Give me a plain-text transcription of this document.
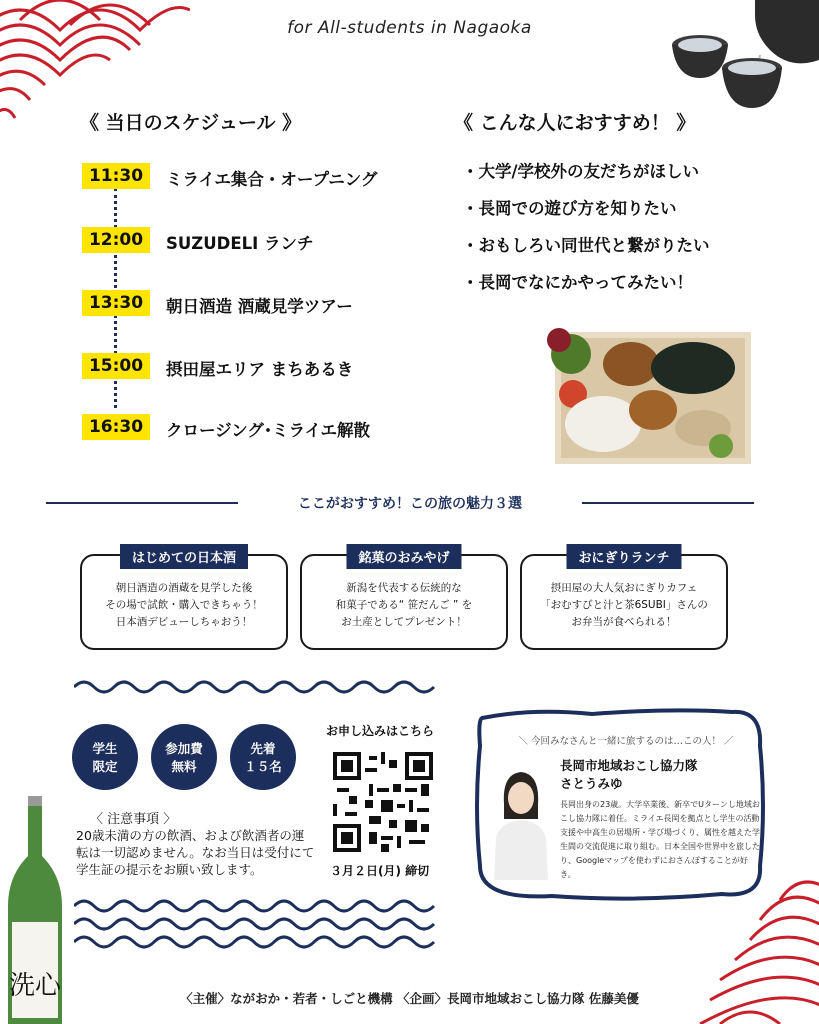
for All-students in Nagaoka
《 当日のスケジュール 》
11:30	ミライエ集合・オープニング
12:00	SUZUDELI ランチ
13:30	朝日酒造 酒蔵見学ツアー
15:00	摂田屋エリア まちあるき
16:30	クロージング･ミライエ解散
《 こんな人におすすめ！ 》
・大学/学校外の友だちがほしい
・長岡での遊び方を知りたい
・おもしろい同世代と繋がりたい
・長岡でなにかやってみたい！
ここがおすすめ！この旅の魅力３選
はじめての日本酒
朝日酒造の酒蔵を見学した後
その場で試飲・購入できちゃう！
日本酒デビューしちゃおう！
銘菓のおみやげ
新潟を代表する伝統的な
和菓子である“ 笹だんご ” を
お土産としてプレゼント！
おにぎりランチ
摂田屋の大人気おにぎりカフェ
「おむすびと汁と茶6SUBI」さんの
お弁当が食べられる！
学生
限定
参加費
無料
先着
１５名
〈 注意事項 〉
20歳未満の方の飲酒、および飲酒者の運転は一切認めません。なお当日は受付にて学生証の提示をお願い致します。
お申し込みはこちら
３月２日(月) 締切
＼ 今回みなさんと一緒に旅するのは…この人！ ／
長岡市地域おこし協力隊
さとうみゆ
長岡出身の23歳。大学卒業後、新卒でUターンし地域おこし協力隊に着任。ミライエ長岡を拠点とし学生の活動支援や中高生の居場所・学び場づくり、属性を越えた学生間の交流促進に取り組む。日本全国や世界中を旅したり、Googleマップを使わずにおさんぽすることが好き。
洗心	〈主催〉ながおか・若者・しごと機構 〈企画〉長岡市地域おこし協力隊 佐藤美優
